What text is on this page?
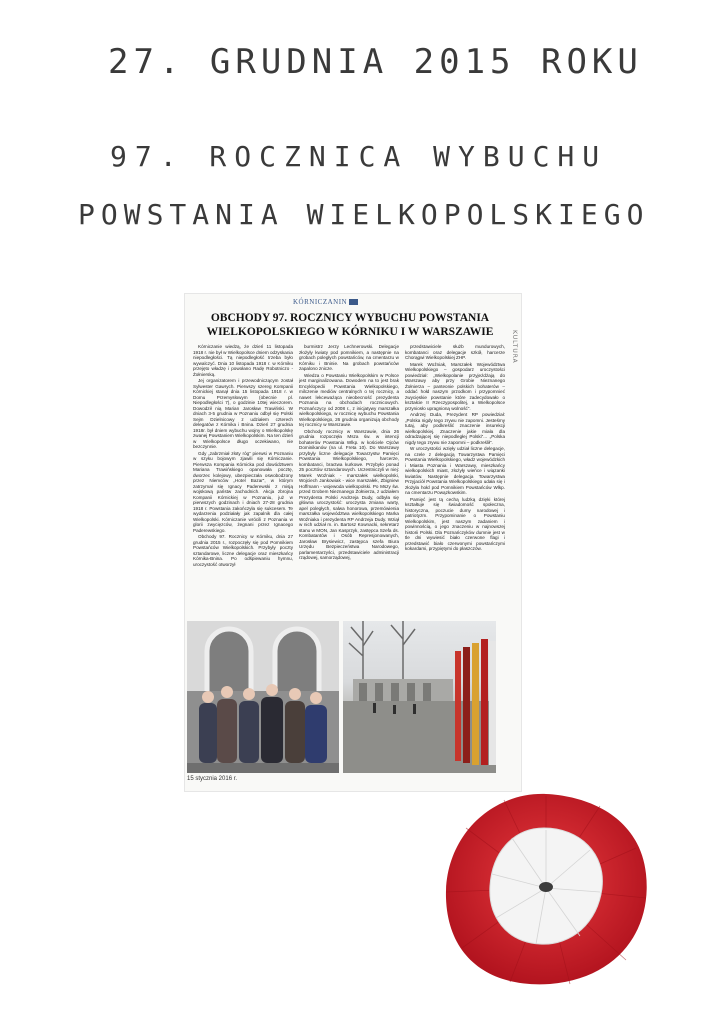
27. GRUDNIA 2015 ROKU
97. ROCZNICA WYBUCHU
POWSTANIA WIELKOPOLSKIEGO
KÓRNICZANIN
KULTURA
OBCHODY 97. ROCZNICY WYBUCHU POWSTANIA WIELKOPOLSKIEGO W KÓRNIKU I W WARSZAWIE

Kórniczanie wiedzą, że dzień 11 listopada 1918 r. nie był w Wielkopolsce dniem odzyskania niepodległości. Tą niepodległość trzeba było wywalczyć. Dnia 10 listopada 1918 r. w Kórniku przejęto władzę i powołano Radę Robotniczo - Żołnierską.

Jej organizatorem i przewodniczącym został Sylwester Gawrych. Pierwszy szereg Kompanii Kórnickiej stanął dnia 15 listopada 1918 r. w Domu Przemysłowym (obecnie pl. Niepodległości 7), o godzinie 10tej wieczorem. Dowodził nią Marian Jarosław Trawiński. W dniach 3-5 grudnia w Poznaniu odbył się Polski Sejm Dzielnicowy z udziałem czterech delegatów z Kórnika i Bnina. Dzień 27 grudnia 1918r. był dniem wybuchu wojny o Wielkopolskę zwanej Powstaniem Wielkopolskim. Na ten dzień w Wielkopolsce długo oczekiwano, nie bezczynnie.

Gdy „zabrzmiał złoty róg” pierwsi w Poznaniu w szyku bojowym zjawili się Kórniczanie. Pierwsza Kompania Kórnicka pod dowództwem Mariana Trawińskiego opanowała pocztę, dworzec kolejowy, ubezpieczała oswobodzony przez Niemców „Hotel Bazar”, w którym zatrzymał się Ignacy Paderewski z misją wojskową państw zachodnich. Akcja zbrojna Kompanii Kórnickiej w Poznaniu, już w pierwszych godzinach i dniach 27-28 grudnia 1918 r. Powstania zakończyła się sukcesem. Te wydarzenia podziałały jak zapalnik dla całej Wielkopolski. Kórniczanie wrócili z Poznania w glorii zwycięzców, żegnani przez Ignacego Paderewskiego.

Obchody 97. Rocznicy w Kórniku, dnia 27 grudnia 2015 r., rozpoczęły się pod Pomnikiem Powstańców Wielkopolskich. Przybyły poczty sztandarowe, liczne delegacje oraz mieszkańcy Kórnika-Bnina. Po odśpiewaniu hymnu, uroczystość otworzył

burmistrz Jerzy Lechnerowski. Delegacje złożyły kwiaty pod pomnikiem, a następnie na grobach poległych powstańców, na cmentarzu w Kórniku i Bninie. Na grobach powstańców zapalono znicze.

Wiedza o Powstaniu Wielkopolskim w Polsce jest marginalizowana. Dowodem na to jest brak Encyklopedii Powstania Wielkopolskiego, milczenie mediów centralnych o tej rocznicy, a nawet lekceważąca nieobecność prezydenta Poznania na obchodach rocznicowych. Poznańczycy od 2008 r., z inicjatywy marszałka wielkopolskiego, w rocznicę wybuchu Powstania Wielkopolskiego, 26 grudnia organizują obchody tej rocznicy w Warszawie.

Obchody rocznicy w Warszawie, dnia 26 grudnia rozpoczęła Msza św. w intencji bohaterów Powstania Wlkp. w kościele Ojców Dominikanów (na ul. Freta 10). Do Warszawy przybyły liczne delegacje Towarzystw Pamięci Powstania Wielkopolskiego, harcerze, kombatanci, bractwa kurkowe. Przybyło ponad 25 pocztów sztandarowych. Uczestniczyli w niej: Marek Woźniak - marszałek wielkopolski, Wojciech Jankowiak - wice marszałek, Zbigniew Hoffmann - wojewoda wielkopolski. Po Mszy św. przed Grobem Nieznanego Żołnierza, z udziałem Prezydenta Polski Andrzeja Dudy, odbyła się główna uroczystość: uroczysta zmiana warty, apel poległych, salwa honorowa, przemówienia marszałka województwa wielkopolskiego Marka Woźniaka i prezydenta RP Andrzeja Dudy. Wziął w nich udział m. in. Bartosz Kownacki, sekretarz stanu w MON, Jan Kasprzyk, zastępca Szefa ds. Kombatantów i Osób Represjonowanych, Jarosław Brysiewicz, zastępca szefa Biura Urzędu Bezpieczeństwa Narodowego, parlamentarzyści, przedstawiciele administracji rządowej, samorządowej,

przedstawiciele służb mundurowych, kombatanci oraz delegacje szkół, harcerze Chorągwi Wielkopolskiej ZHP.

Marek Woźniak, Marszałek Województwa Wielkopolskiego – gospodarz uroczystości powiedział: „Wielkopolanie przyjeżdżają do Warszawy aby przy Grobie Nieznanego Żołnierza – panteonie polskich bohaterów – oddać hołd naszym przodkom i przypomnieć zwycięskie powstanie które zadecydowało o kształcie II Rzeczypospolitej, a Wielkopolsce przyniosło upragnioną wolność”.

Andrzej Duda, Prezydent RP powiedział: „Polska nigdy tego zrywu nie zapomni. Jesteśmy tutaj, aby podkreślić znaczenie insurekcji wielkopolskiej. Znaczenie jakie miała dla odradzającej się niepodległej Polski”... „Polska nigdy tego zrywu nie zapomni – podkreślił”.

W uroczystości wzięły udział liczne delegacje, na czele z delegacją Towarzystwa Pamięci Powstania Wielkopolskiego, władz wojewódzkich i Miasta Poznania i Warszawy, mieszkańcy wielkopolskich miast, złożyły wieńce i wiązanki kwiatów. Następnie delegacja Towarzystwa Przyjaciół Powstania Wielkopolskiego udała się i złożyła hołd pod Pomnikiem Powstańców Wlkp. na cmentarzu Powązkowskim.

Pamięć jest tą cechą ludzką dzięki której kształtuje się świadomość społeczna, historyczna, poczucie dumy narodowej i patriotyzm. Przypominanie o Powstaniu Wielkopolskim, jest naszym zadaniem i powinnością, o jego znaczeniu w najnowszej historii Polski. Dla Poznańczyków dumnie jest w tle dni wywiesić biało czerwone flagi i przedstawić biało czerwonymi powstańczymi kokardami, przypiętymi do płaszczów.

15 stycznia 2016 r.
